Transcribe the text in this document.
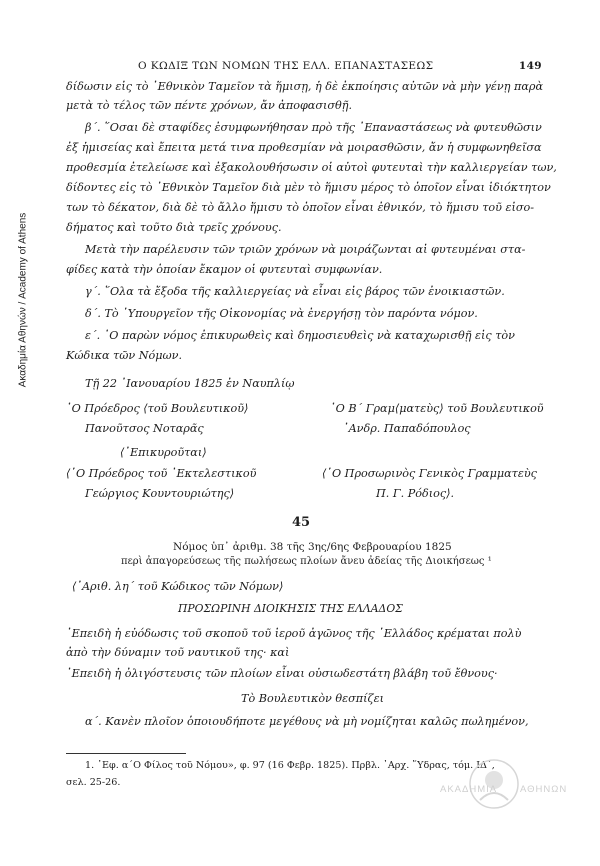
Ακαδημία Αθηνών / Academy of Athens
Ο ΚΩΔΙΞ ΤΩΝ ΝΟΜΩΝ ΤΗΣ ΕΛΛ. ΕΠΑΝΑΣΤΑΣΕΩΣ	149
δίδωσιν εἰς τὸ ᾿Εθνικὸν Ταμεῖον τὰ ἥμισῃ, ἡ δὲ ἐκποίησις αὐτῶν νὰ μὴν γένῃ παρὰ
μετὰ τὸ τέλος τῶν πέντε χρόνων, ἄν ἀποφασισθῇ.
β΄. ῞Οσαι δὲ σταφίδες ἐσυμφωνήθησαν πρὸ τῆς ᾿Επαναστάσεως νὰ φυτευθῶσιν
ἐξ ἡμισείας καὶ ἔπειτα μετά τινα προθεσμίαν νὰ μοιρασθῶσιν, ἄν ἡ συμφωνηθεῖσα
προθεσμία ἐτελείωσε καὶ ἐξακολουθήσωσιν οἱ αὐτοὶ φυτευταὶ τὴν καλλιεργείαν των,
δίδοντες εἰς τὸ ᾿Εθνικὸν Ταμεῖον διὰ μὲν τὸ ἥμισυ μέρος τὸ ὁποῖον εἶναι ἰδιόκτητον
των τὸ δέκατον, διὰ δὲ τὸ ἄλλο ἥμισυ τὸ ὁποῖον εἶναι ἐθνικόν, τὸ ἥμισυ τοῦ εἰσο-
δήματος καὶ τοῦτο διὰ τρεῖς χρόνους.
Μετὰ τὴν παρέλευσιν τῶν τριῶν χρόνων νὰ μοιράζωνται αἱ φυτευμέναι στα-
φίδες κατὰ τὴν ὁποίαν ἔκαμον οἱ φυτευταὶ συμφωνίαν.
γ΄. ῞Ολα τὰ ἔξοδα τῆς καλλιεργείας νὰ εἶναι εἰς βάρος τῶν ἐνοικιαστῶν.
δ΄. Τὸ ῾Υπουργεῖον τῆς Οἰκονομίας νὰ ἐνεργήσῃ τὸν παρόντα νόμον.
ε΄. ῾Ο παρὼν νόμος ἐπικυρωθεὶς καὶ δημοσιευθεὶς νὰ καταχωρισθῇ εἰς τὸν
Κώδικα τῶν Νόμων.
Τῇ 22 ᾿Ιανουαρίου 1825 ἐν Ναυπλίῳ
῾Ο Πρόεδρος ⟨τοῦ Βουλευτικοῦ⟩
Πανοῦτσος Νοταρᾶς
῾Ο Β΄ Γραμ⟨ματεὺς⟩ τοῦ Βουλευτικοῦ
᾿Ανδρ. Παπαδόπουλος
⟨᾿Επικυροῦται⟩
⟨῾Ο Πρόεδρος τοῦ ᾿Εκτελεστικοῦ
Γεώργιος Κουντουριώτης⟩
⟨῾Ο Προσωρινὸς Γενικὸς Γραμματεὺς
Π. Γ. Ρόδιος⟩.
45
Νόμος ὑπ᾿ ἀριθμ. 38 τῆς 3ης/6ης Φεβρουαρίου 1825
περὶ ἀπαγορεύσεως τῆς πωλήσεως πλοίων ἄνευ ἀδείας τῆς Διοικήσεως ¹
⟨᾿Αριθ. λη΄ τοῦ Κώδικος τῶν Νόμων⟩
ΠΡΟΣΩΡΙΝΗ ΔΙΟΙΚΗΣΙΣ ΤΗΣ ΕΛΛΑΔΟΣ
᾿Επειδὴ ἡ εὐόδωσις τοῦ σκοποῦ τοῦ ἱεροῦ ἀγῶνος τῆς ῾Ελλάδος κρέμαται πολὺ
ἀπὸ τὴν δύναμιν τοῦ ναυτικοῦ της· καὶ
᾿Επειδὴ ἡ ὀλιγόστευσις τῶν πλοίων εἶναι οὐσιωδεστάτη βλάβη τοῦ ἔθνους·
Τὸ Βουλευτικὸν θεσπίζει
α΄. Κανὲν πλοῖον ὁποιουδήποτε μεγέθους νὰ μὴ νομίζηται καλῶς πωλημένον,
1. ᾿Εφ. α΄Ο Φίλος τοῦ Νόμου», φ. 97 (16 Φεβρ. 1825). Πρβλ. ᾿Αρχ. ῞Υδρας, τόμ. ΙΔ΄,
σελ. 25-26.
ΑΚΑΔΗΜΙΑ ΑΘΗΝΩΝ
